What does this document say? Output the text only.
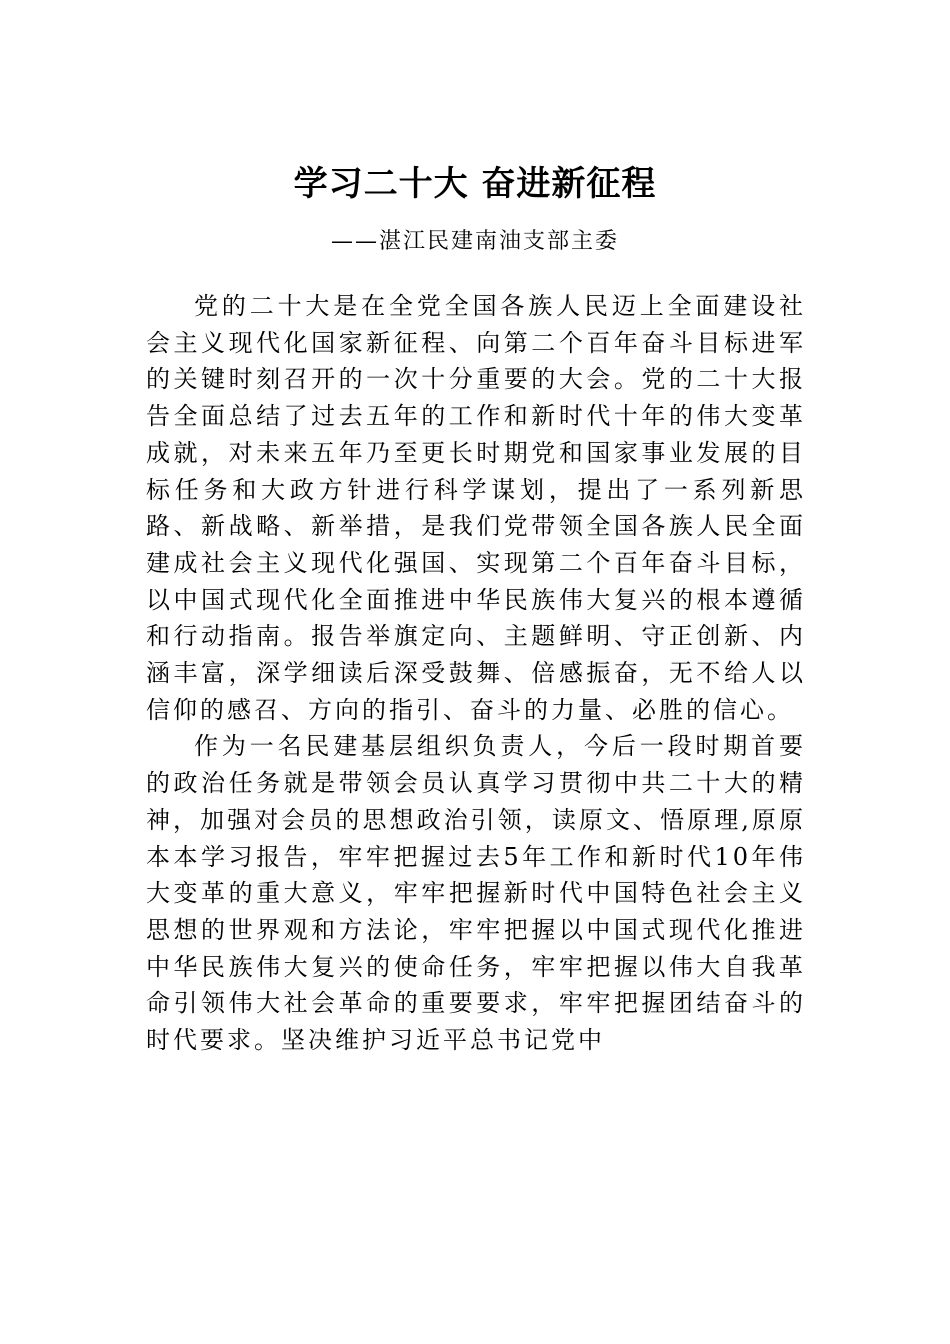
学习二十大 奋进新征程
——湛江民建南油支部主委

党的二十大是在全党全国各族人民迈上全面建设社会主义现代化国家新征程、向第二个百年奋斗目标进军的关键时刻召开的一次十分重要的大会。党的二十大报告全面总结了过去五年的工作和新时代十年的伟大变革成就，对未来五年乃至更长时期党和国家事业发展的目标任务和大政方针进行科学谋划，提出了一系列新思路、新战略、新举措，是我们党带领全国各族人民全面建成社会主义现代化强国、实现第二个百年奋斗目标，以中国式现代化全面推进中华民族伟大复兴的根本遵循和行动指南。报告举旗定向、主题鲜明、守正创新、内涵丰富，深学细读后深受鼓舞、倍感振奋，无不给人以信仰的感召、方向的指引、奋斗的力量、必胜的信心。

作为一名民建基层组织负责人，今后一段时期首要的政治任务就是带领会员认真学习贯彻中共二十大的精神，加强对会员的思想政治引领，读原文、悟原理,原原本本学习报告，牢牢把握过去5年工作和新时代10年伟大变革的重大意义，牢牢把握新时代中国特色社会主义思想的世界观和方法论，牢牢把握以中国式现代化推进中华民族伟大复兴的使命任务，牢牢把握以伟大自我革命引领伟大社会革命的重要要求，牢牢把握团结奋斗的时代要求。坚决维护习近平总书记党中
